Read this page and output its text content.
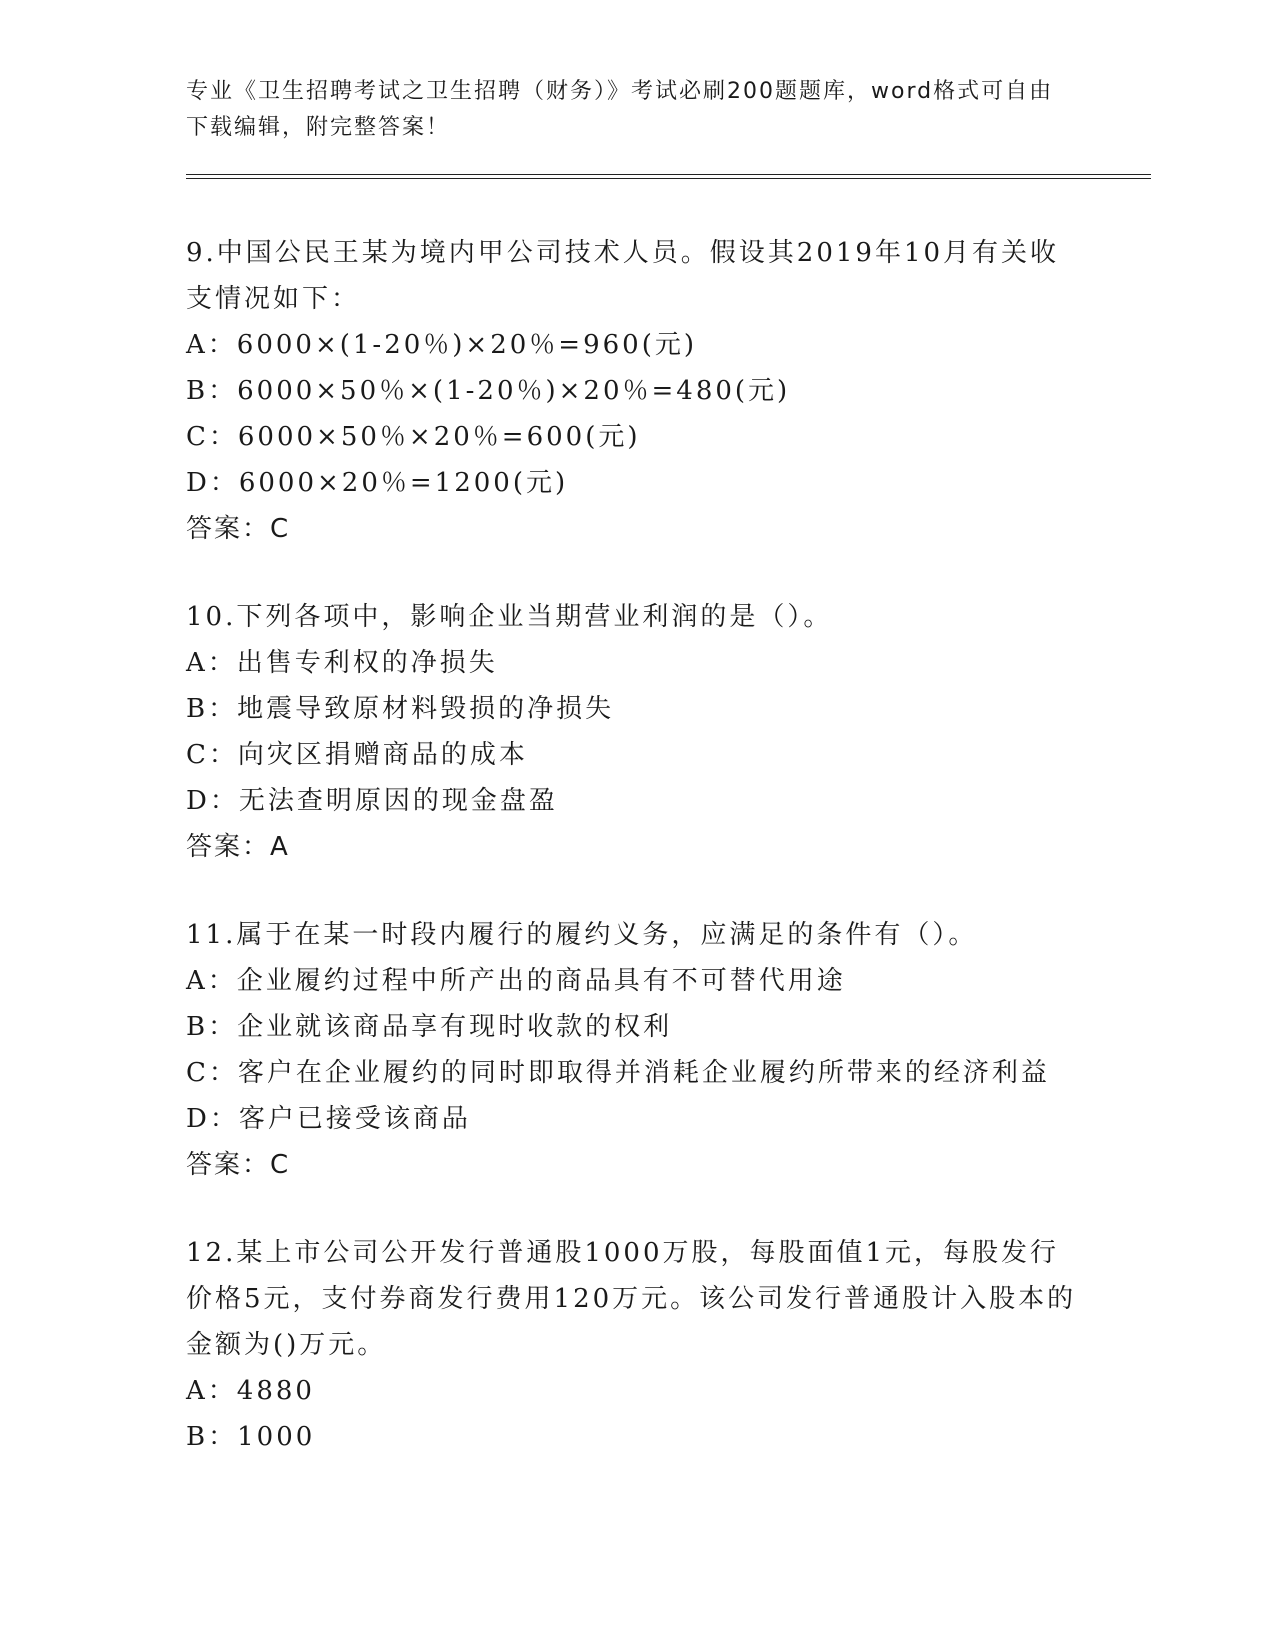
专业《卫生招聘考试之卫生招聘（财务）》考试必刷200题题库，word格式可自由下载编辑，附完整答案！
9.中国公民王某为境内甲公司技术人员。假设其2019年10月有关收支情况如下：
A：6000×(1-20％)×20％=960(元)
B：6000×50％×(1-20％)×20％=480(元)
C：6000×50％×20％=600(元)
D：6000×20％=1200(元)
答案：C
10.下列各项中，影响企业当期营业利润的是（）。
A：出售专利权的净损失
B：地震导致原材料毁损的净损失
C：向灾区捐赠商品的成本
D：无法查明原因的现金盘盈
答案：A
11.属于在某一时段内履行的履约义务，应满足的条件有（）。
A：企业履约过程中所产出的商品具有不可替代用途
B：企业就该商品享有现时收款的权利
C：客户在企业履约的同时即取得并消耗企业履约所带来的经济利益
D：客户已接受该商品
答案：C
12.某上市公司公开发行普通股1000万股，每股面值1元，每股发行价格5元，支付券商发行费用120万元。该公司发行普通股计入股本的金额为()万元。
A：4880
B：1000
